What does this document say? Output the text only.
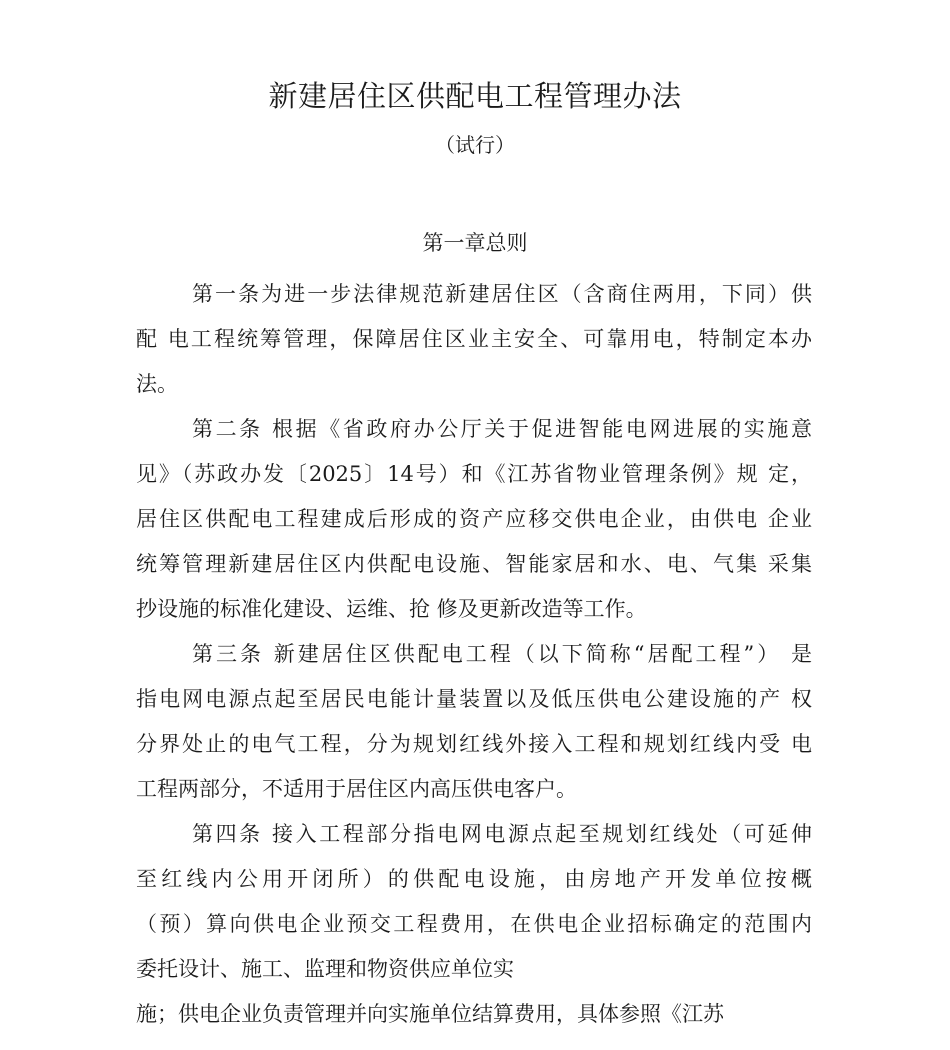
新建居住区供配电工程管理办法
（试行）
第一章总则
第一条为进一步法律规范新建居住区（含商住两用，下同）供
配 电工程统筹管理，保障居住区业主安全、可靠用电，特制定本办
法。
第二条 根据《省政府办公厅关于促进智能电网进展的实施意
见》（苏政办发〔2025〕14号）和《江苏省物业管理条例》规 定，
居住区供配电工程建成后形成的资产应移交供电企业，由供电 企业
统筹管理新建居住区内供配电设施、智能家居和水、电、气集 采集
抄设施的标准化建设、运维、抢 修及更新改造等工作。
第三条 新建居住区供配电工程（以下简称“居配工程”） 是
指电网电源点起至居民电能计量装置以及低压供电公建设施的产 权
分界处止的电气工程，分为规划红线外接入工程和规划红线内受 电
工程两部分，不适用于居住区内高压供电客户。
第四条 接入工程部分指电网电源点起至规划红线处（可延伸
至红线内公用开闭所）的供配电设施，由房地产开发单位按概
（预）算向供电企业预交工程费用，在供电企业招标确定的范围内
委托设计、施工、监理和物资供应单位实
施；供电企业负责管理并向实施单位结算费用，具体参照《江苏
